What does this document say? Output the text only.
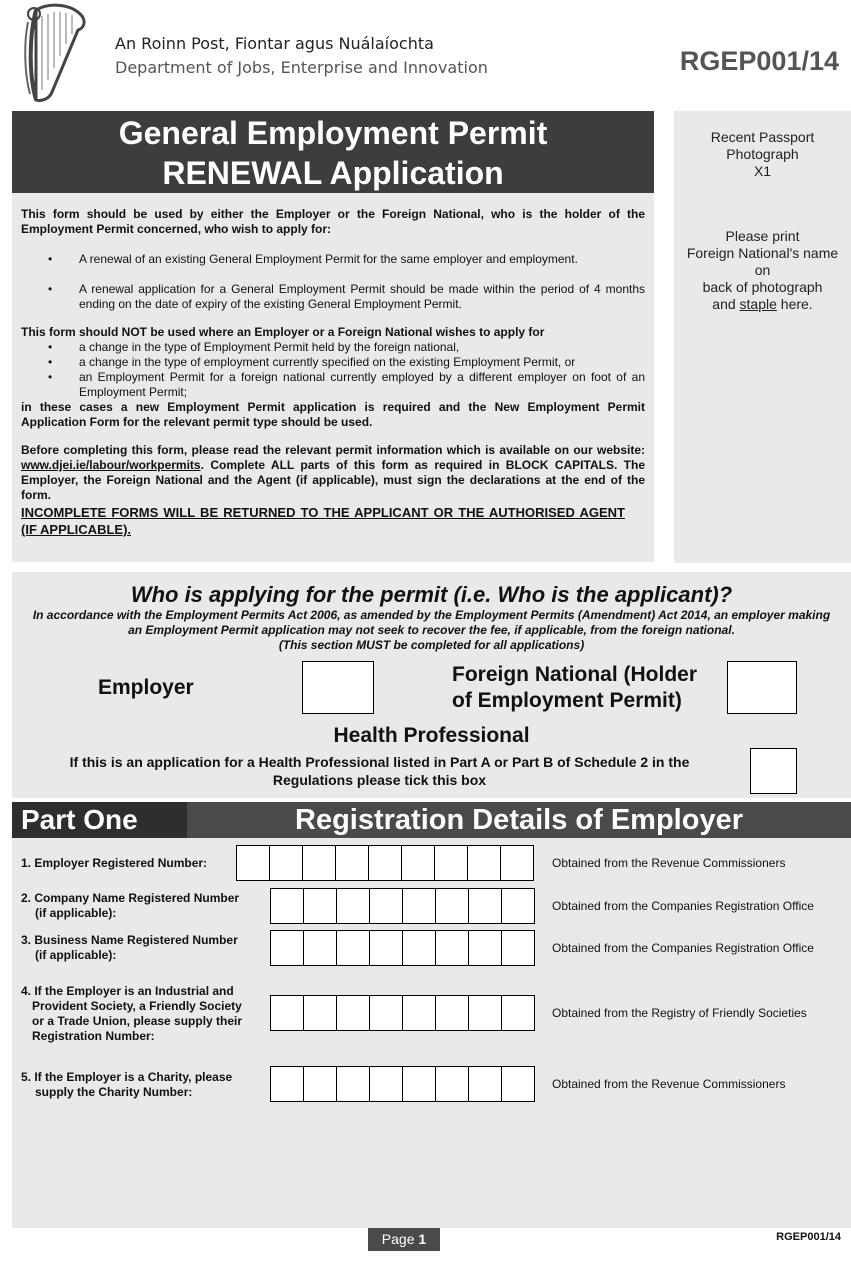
An Roinn Post, Fiontar agus Nuálaíochta
Department of Jobs, Enterprise and Innovation	RGEP001/14
General Employment Permit
RENEWAL Application

This form should be used by either the Employer or the Foreign National, who is the holder of the Employment Permit concerned, who wish to apply for:

• A renewal of an existing General Employment Permit for the same employer and employment.
• A renewal application for a General Employment Permit should be made within the period of 4 months ending on the date of expiry of the existing General Employment Permit.

This form should NOT be used where an Employer or a Foreign National wishes to apply for

• a change in the type of Employment Permit held by the foreign national,
• a change in the type of employment currently specified on the existing Employment Permit, or
• an Employment Permit for a foreign national currently employed by a different employer on foot of an Employment Permit;

in these cases a new Employment Permit application is required and the New Employment Permit Application Form for the relevant permit type should be used.

Before completing this form, please read the relevant permit information which is available on our website: www.djei.ie/labour/workpermits. Complete ALL parts of this form as required in BLOCK CAPITALS. The Employer, the Foreign National and the Agent (if applicable), must sign the declarations at the end of the form.

INCOMPLETE FORMS WILL BE RETURNED TO THE APPLICANT OR THE AUTHORISED AGENT (IF APPLICABLE).

Recent Passport
Photograph
X1
Please print
Foreign National's name
on
back of photograph
and staple here.
Who is applying for the permit (i.e. Who is the applicant)?
In accordance with the Employment Permits Act 2006, as amended by the Employment Permits (Amendment) Act 2014, an employer making an Employment Permit application may not seek to recover the fee, if applicable, from the foreign national.
(This section MUST be completed for all applications)
Employer
Foreign National (Holder
of Employment Permit)
Health Professional
If this is an application for a Health Professional listed in Part A or Part B of Schedule 2 in the
Regulations please tick this box
Part One	Registration Details of Employer
1. Employer Registered Number:	Obtained from the Revenue Commissioners
2. Company Name Registered Number
(if applicable):	Obtained from the Companies Registration Office
3. Business Name Registered Number
(if applicable):	Obtained from the Companies Registration Office
4. If the Employer is an Industrial and
Provident Society, a Friendly Society
or a Trade Union, please supply their
Registration Number:
Obtained from the Registry of Friendly Societies
5. If the Employer is a Charity, please
supply the Charity Number:
Obtained from the Revenue Commissioners
Page 1	RGEP001/14
